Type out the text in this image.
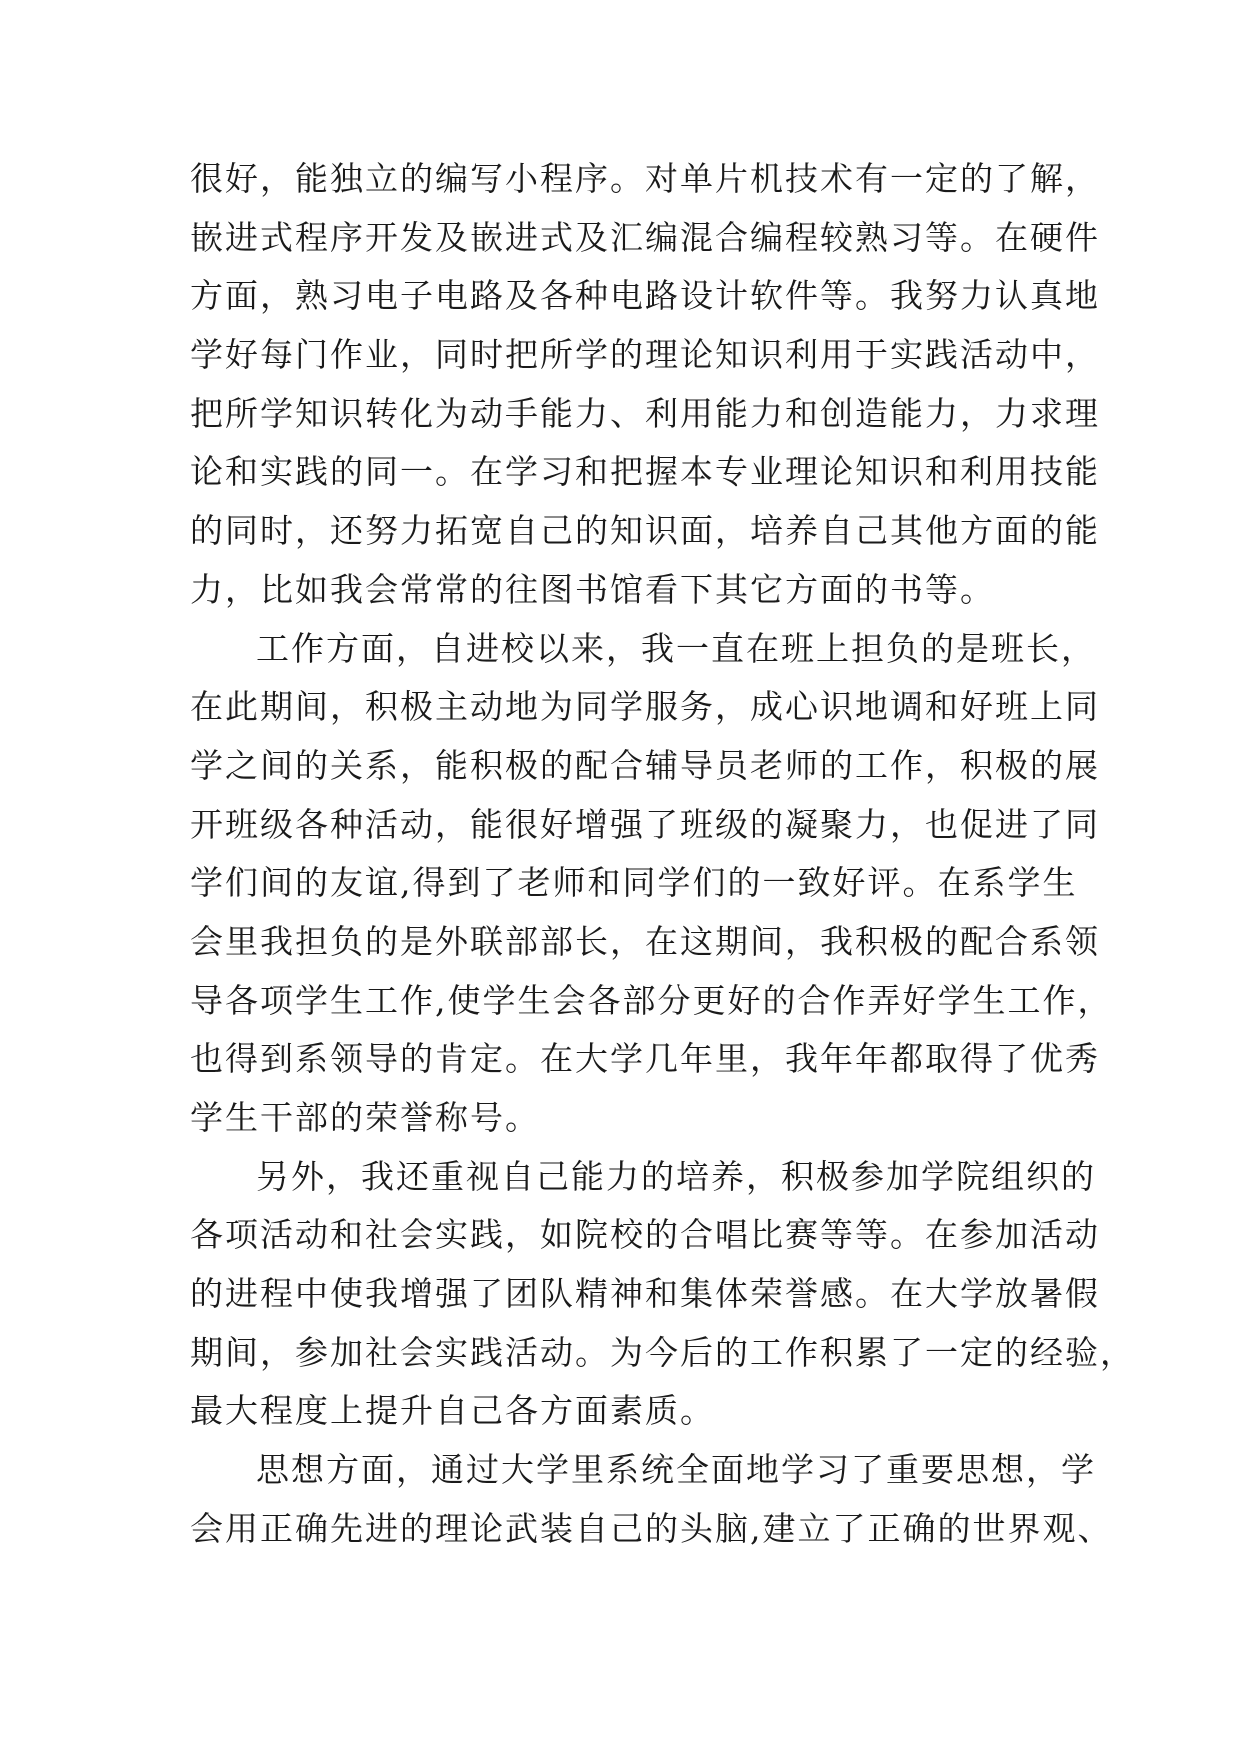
很好，能独立的编写小程序。对单片机技术有一定的了解，
嵌进式程序开发及嵌进式及汇编混合编程较熟习等。在硬件
方面，熟习电子电路及各种电路设计软件等。我努力认真地
学好每门作业，同时把所学的理论知识利用于实践活动中，
把所学知识转化为动手能力、利用能力和创造能力，力求理
论和实践的同一。在学习和把握本专业理论知识和利用技能
的同时，还努力拓宽自己的知识面，培养自己其他方面的能
力，比如我会常常的往图书馆看下其它方面的书等。
工作方面，自进校以来，我一直在班上担负的是班长，
在此期间，积极主动地为同学服务，成心识地调和好班上同
学之间的关系，能积极的配合辅导员老师的工作，积极的展
开班级各种活动，能很好增强了班级的凝聚力，也促进了同
学们间的友谊,得到了老师和同学们的一致好评。在系学生
会里我担负的是外联部部长，在这期间，我积极的配合系领
导各项学生工作,使学生会各部分更好的合作弄好学生工作，
也得到系领导的肯定。在大学几年里，我年年都取得了优秀
学生干部的荣誉称号。
另外，我还重视自己能力的培养，积极参加学院组织的
各项活动和社会实践，如院校的合唱比赛等等。在参加活动
的进程中使我增强了团队精神和集体荣誉感。在大学放暑假
期间，参加社会实践活动。为今后的工作积累了一定的经验，
最大程度上提升自己各方面素质。
思想方面，通过大学里系统全面地学习了重要思想，学
会用正确先进的理论武装自己的头脑,建立了正确的世界观、
